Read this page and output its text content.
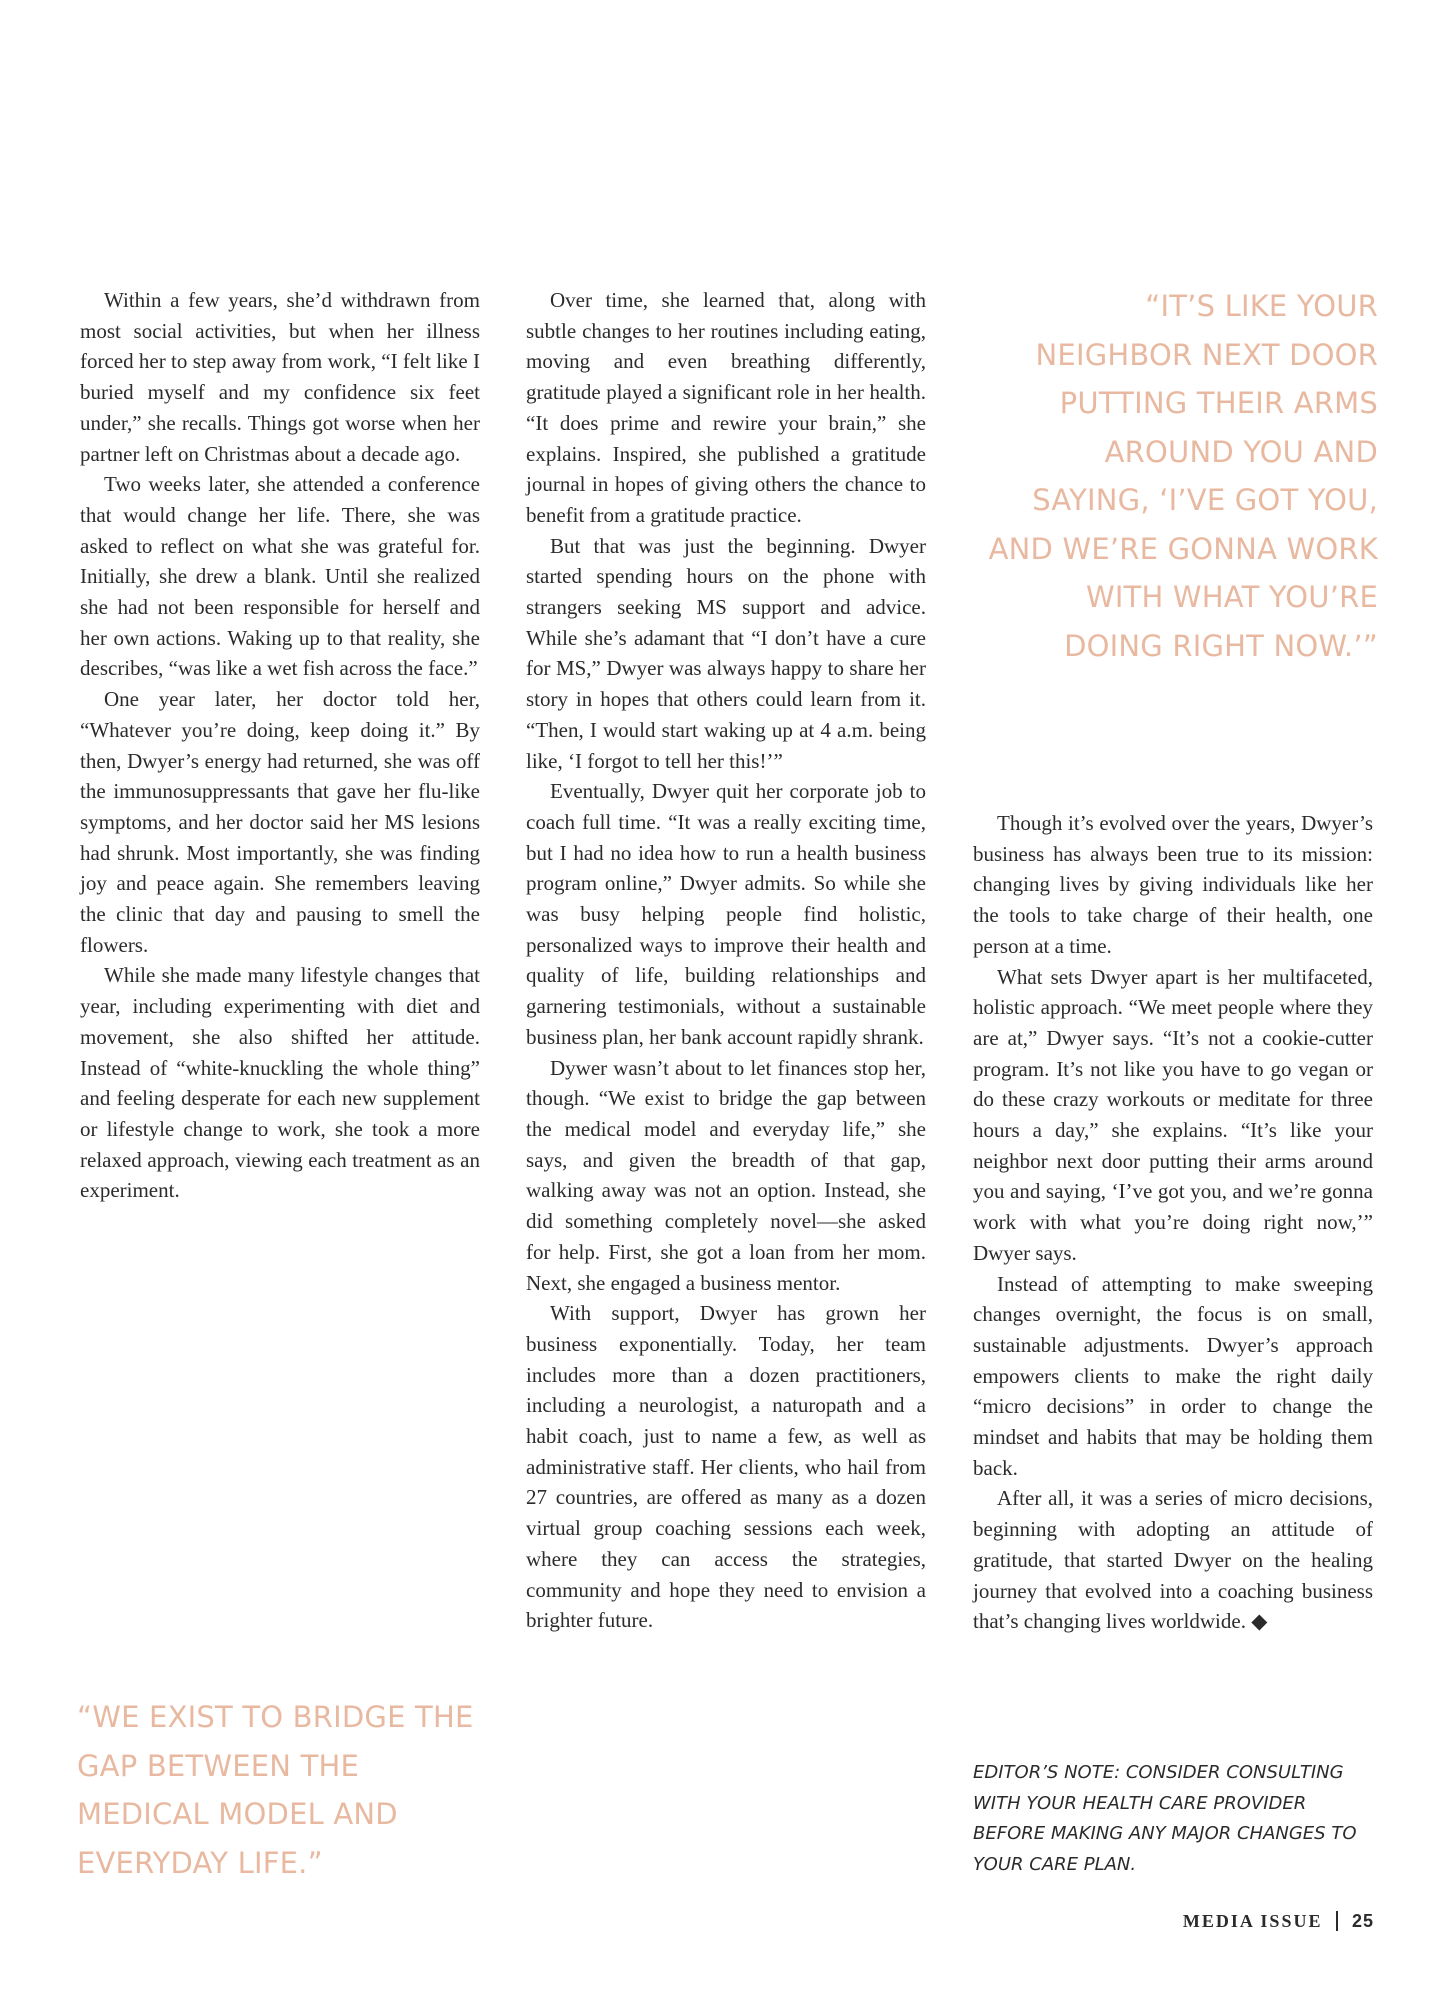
Within a few years, she’d withdrawn from most social activities, but when her illness forced her to step away from work, “I felt like I buried myself and my confidence six feet under,” she recalls. Things got worse when her partner left on Christmas about a decade ago.

Two weeks later, she attended a conference that would change her life. There, she was asked to reflect on what she was grateful for. Initially, she drew a blank. Until she realized she had not been responsible for herself and her own actions. Waking up to that reality, she describes, “was like a wet fish across the face.”

One year later, her doctor told her, “Whatever you’re doing, keep doing it.” By then, Dwyer’s energy had returned, she was off the immunosuppressants that gave her flu-like symptoms, and her doctor said her MS lesions had shrunk. Most importantly, she was finding joy and peace again. She remembers leaving the clinic that day and pausing to smell the flowers.

While she made many lifestyle changes that year, including experimenting with diet and movement, she also shifted her attitude. Instead of “white-knuckling the whole thing” and feeling desperate for each new supplement or lifestyle change to work, she took a more relaxed approach, viewing each treatment as an experiment.

Over time, she learned that, along with subtle changes to her routines including eating, moving and even breathing differently, gratitude played a significant role in her health. “It does prime and rewire your brain,” she explains. Inspired, she published a gratitude journal in hopes of giving others the chance to benefit from a gratitude practice.

But that was just the beginning. Dwyer started spending hours on the phone with strangers seeking MS support and advice. While she’s adamant that “I don’t have a cure for MS,” Dwyer was always happy to share her story in hopes that others could learn from it. “Then, I would start waking up at 4 a.m. being like, ‘I forgot to tell her this!’”

Eventually, Dwyer quit her corporate job to coach full time. “It was a really exciting time, but I had no idea how to run a health business program online,” Dwyer admits. So while she was busy helping people find holistic, personalized ways to improve their health and quality of life, building relationships and garnering testimonials, without a sustainable business plan, her bank account rapidly shrank.

Dywer wasn’t about to let finances stop her, though. “We exist to bridge the gap between the medical model and everyday life,” she says, and given the breadth of that gap, walking away was not an option. Instead, she did something completely novel—she asked for help. First, she got a loan from her mom. Next, she engaged a business mentor.

With support, Dwyer has grown her business exponentially. Today, her team includes more than a dozen practitioners, including a neurologist, a naturopath and a habit coach, just to name a few, as well as administrative staff. Her clients, who hail from 27 countries, are offered as many as a dozen virtual group coaching sessions each week, where they can access the strategies, community and hope they need to envision a brighter future.

“IT’S LIKE YOUR NEIGHBOR NEXT DOOR PUTTING THEIR ARMS AROUND YOU AND SAYING, ‘I’VE GOT YOU, AND WE’RE GONNA WORK WITH WHAT YOU’RE DOING RIGHT NOW.’”

Though it’s evolved over the years, Dwyer’s business has always been true to its mission: changing lives by giving individuals like her the tools to take charge of their health, one person at a time.

What sets Dwyer apart is her multifaceted, holistic approach. “We meet people where they are at,” Dwyer says. “It’s not a cookie-cutter program. It’s not like you have to go vegan or do these crazy workouts or meditate for three hours a day,” she explains. “It’s like your neighbor next door putting their arms around you and saying, ‘I’ve got you, and we’re gonna work with what you’re doing right now,’” Dwyer says.

Instead of attempting to make sweeping changes overnight, the focus is on small, sustainable adjustments. Dwyer’s approach empowers clients to make the right daily “micro decisions” in order to change the mindset and habits that may be holding them back.

After all, it was a series of micro decisions, beginning with adopting an attitude of gratitude, that started Dwyer on the healing journey that evolved into a coaching business that’s changing lives worldwide. ◆

“WE EXIST TO BRIDGE THE GAP BETWEEN THE MEDICAL MODEL AND EVERYDAY LIFE.”

EDITOR’S NOTE: CONSIDER CONSULTING WITH YOUR HEALTH CARE PROVIDER BEFORE MAKING ANY MAJOR CHANGES TO YOUR CARE PLAN.

MEDIA ISSUE 25
